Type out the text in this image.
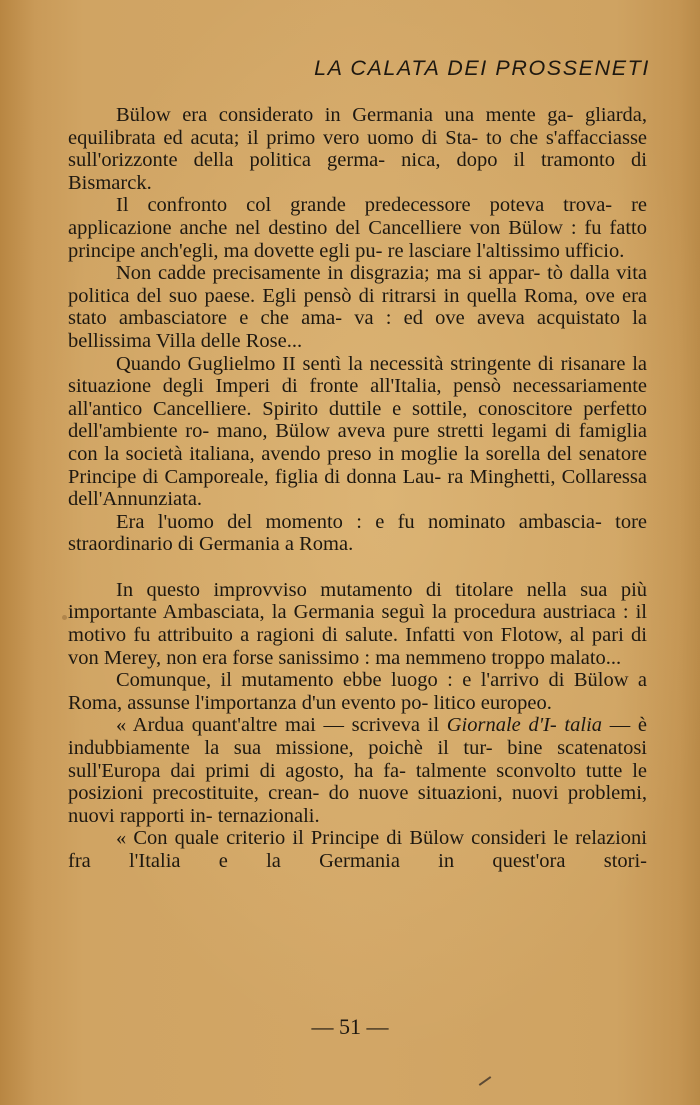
LA CALATA DEI PROSSENETI

Bülow era considerato in Germania una mente ga- gliarda, equilibrata ed acuta; il primo vero uomo di Sta- to che s'affacciasse sull'orizzonte della politica germa- nica, dopo il tramonto di Bismarck.

Il confronto col grande predecessore poteva trova- re applicazione anche nel destino del Cancelliere von Bülow : fu fatto principe anch'egli, ma dovette egli pu- re lasciare l'altissimo ufficio.

Non cadde precisamente in disgrazia; ma si appar- tò dalla vita politica del suo paese. Egli pensò di ritrarsi in quella Roma, ove era stato ambasciatore e che ama- va : ed ove aveva acquistato la bellissima Villa delle Rose...

Quando Guglielmo II sentì la necessità stringente di risanare la situazione degli Imperi di fronte all'Italia, pensò necessariamente all'antico Cancelliere. Spirito duttile e sottile, conoscitore perfetto dell'ambiente ro- mano, Bülow aveva pure stretti legami di famiglia con la società italiana, avendo preso in moglie la sorella del senatore Principe di Camporeale, figlia di donna Lau- ra Minghetti, Collaressa dell'Annunziata.

Era l'uomo del momento : e fu nominato ambascia- tore straordinario di Germania a Roma.

In questo improvviso mutamento di titolare nella sua più importante Ambasciata, la Germania seguì la procedura austriaca : il motivo fu attribuito a ragioni di salute. Infatti von Flotow, al pari di von Merey, non era forse sanissimo : ma nemmeno troppo malato...

Comunque, il mutamento ebbe luogo : e l'arrivo di Bülow a Roma, assunse l'importanza d'un evento po- litico europeo.

« Ardua quant'altre mai — scriveva il Giornale d'I- talia — è indubbiamente la sua missione, poichè il tur- bine scatenatosi sull'Europa dai primi di agosto, ha fa- talmente sconvolto tutte le posizioni precostituite, crean- do nuove situazioni, nuovi problemi, nuovi rapporti in- ternazionali.

« Con quale criterio il Principe di Bülow consideri le relazioni fra l'Italia e la Germania in quest'ora stori-

— 51 —
